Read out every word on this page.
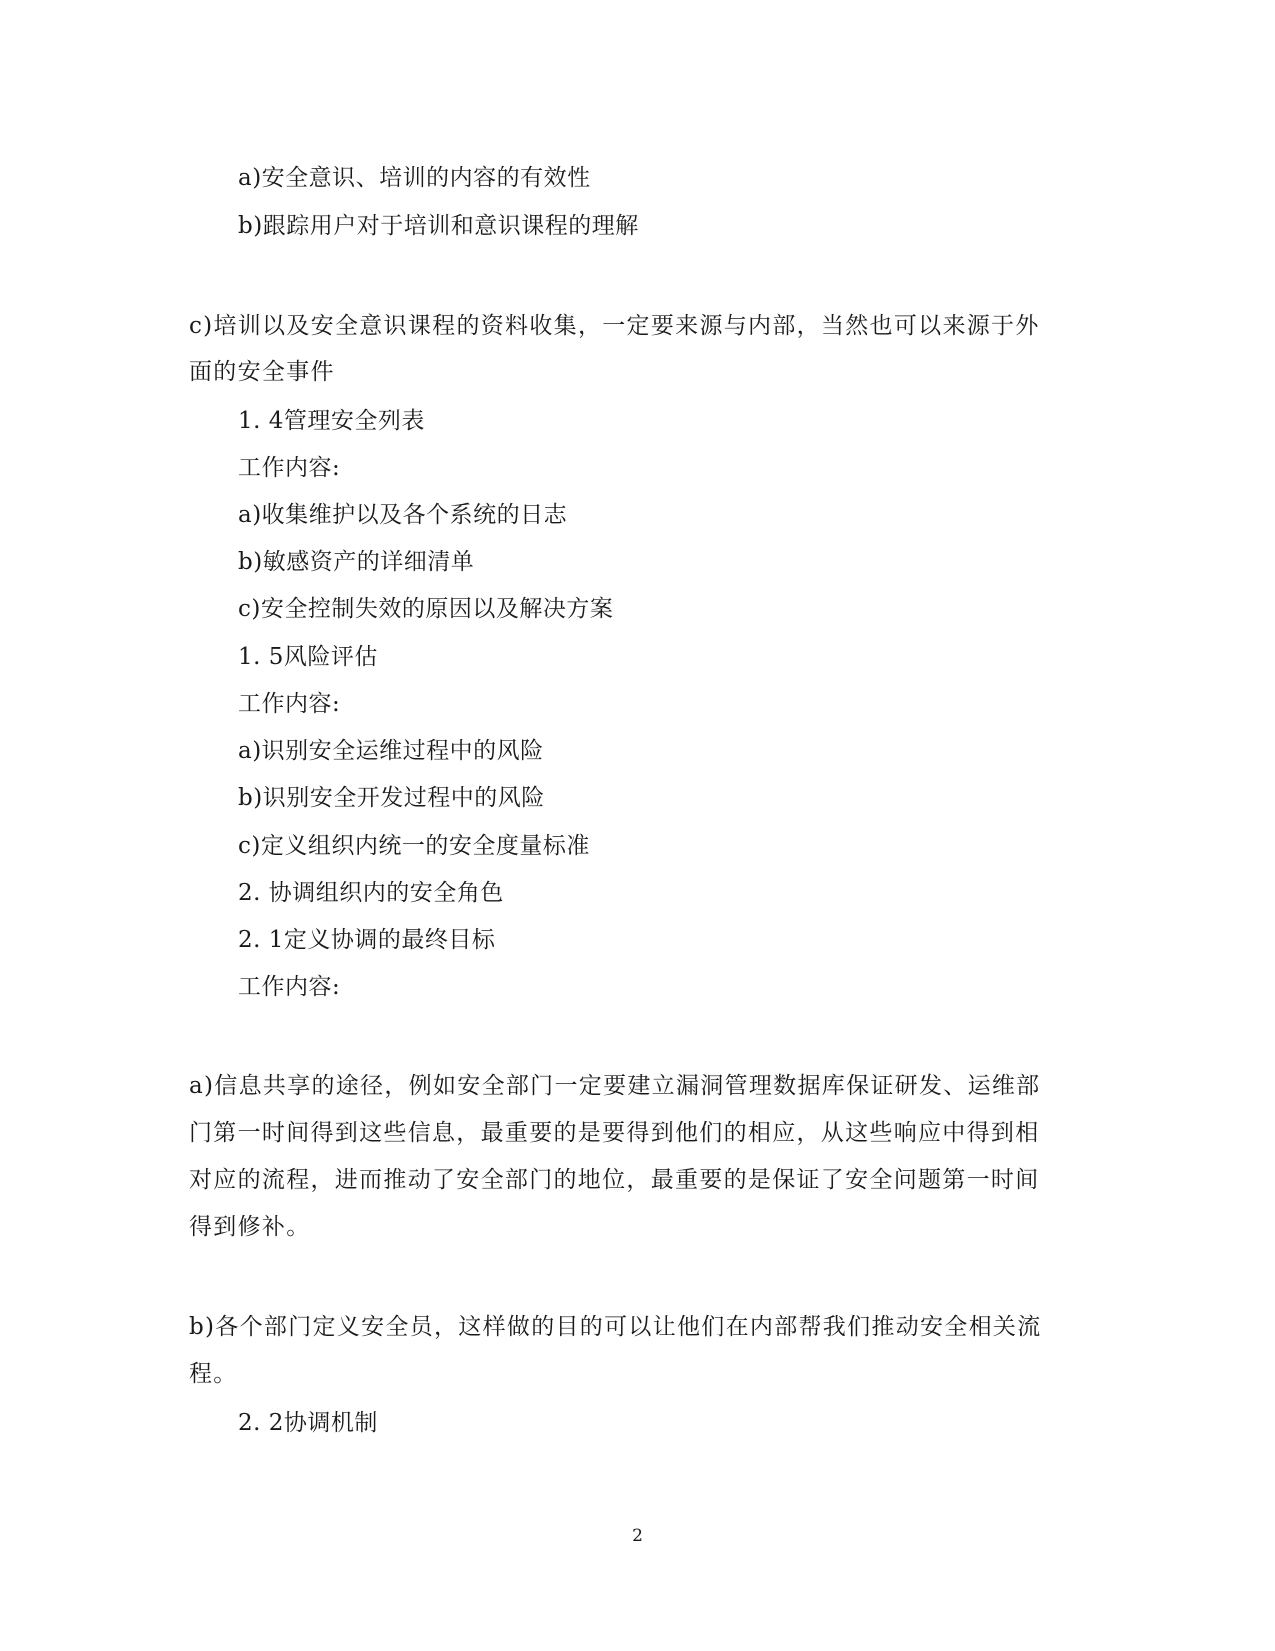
a)安全意识、培训的内容的有效性
b)跟踪用户对于培训和意识课程的理解
c)培训以及安全意识课程的资料收集，一定要来源与内部，当然也可以来源于外
面的安全事件
1. 4管理安全列表
工作内容:
a)收集维护以及各个系统的日志
b)敏感资产的详细清单
c)安全控制失效的原因以及解决方案
1. 5风险评估
工作内容:
a)识别安全运维过程中的风险
b)识别安全开发过程中的风险
c)定义组织内统一的安全度量标准
2. 协调组织内的安全角色
2. 1定义协调的最终目标
工作内容:
a)信息共享的途径，例如安全部门一定要建立漏洞管理数据库保证研发、运维部
门第一时间得到这些信息，最重要的是要得到他们的相应，从这些响应中得到相
对应的流程，进而推动了安全部门的地位，最重要的是保证了安全问题第一时间
得到修补。
b)各个部门定义安全员，这样做的目的可以让他们在内部帮我们推动安全相关流
程。
2. 2协调机制
2
